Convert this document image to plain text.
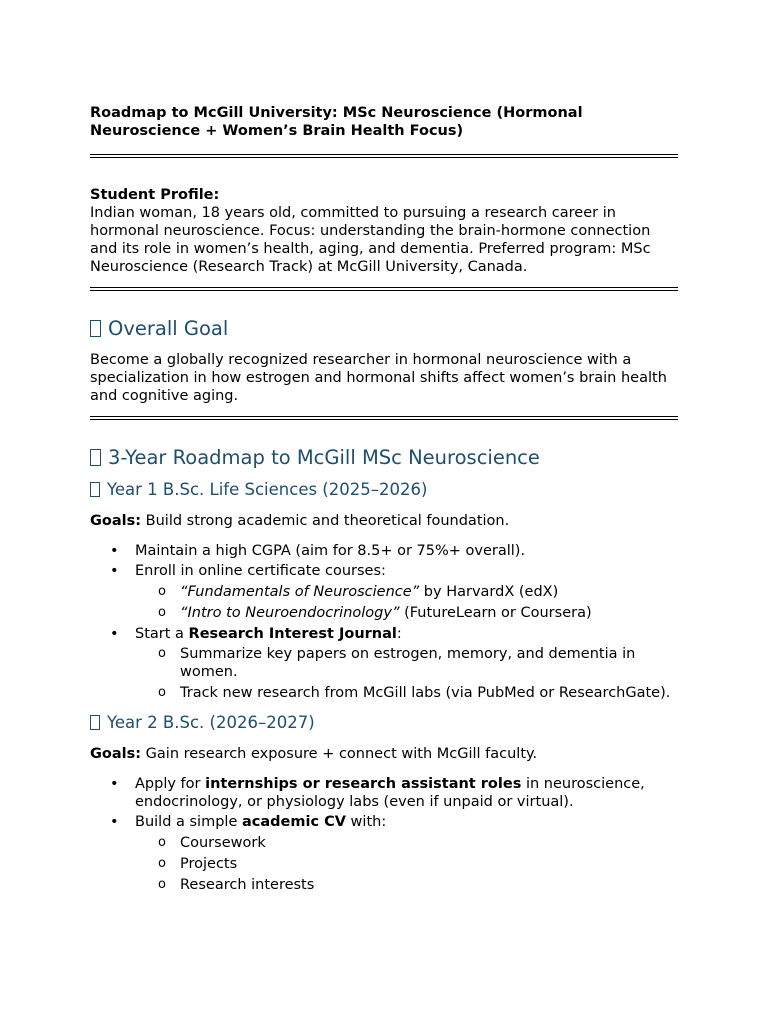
Roadmap to McGill University: MSc Neuroscience (Hormonal Neuroscience + Women’s Brain Health Focus)

Student Profile:

Indian woman, 18 years old, committed to pursuing a research career in hormonal neuroscience. Focus: understanding the brain-hormone connection and its role in women’s health, aging, and dementia. Preferred program: MSc Neuroscience (Research Track) at McGill University, Canada.

Overall Goal

Become a globally recognized researcher in hormonal neuroscience with a specialization in how estrogen and hormonal shifts affect women’s brain health and cognitive aging.

3-Year Roadmap to McGill MSc Neuroscience
Year 1 B.Sc. Life Sciences (2025–2026)

Goals: Build strong academic and theoretical foundation.

• Maintain a high CGPA (aim for 8.5+ or 75%+ overall).
• Enroll in online certificate courses:
o “Fundamentals of Neuroscience” by HarvardX (edX)
o “Intro to Neuroendocrinology” (FutureLearn or Coursera)
• Start a Research Interest Journal:
o Summarize key papers on estrogen, memory, and dementia in women.
o Track new research from McGill labs (via PubMed or ResearchGate).
Year 2 B.Sc. (2026–2027)

Goals: Gain research exposure + connect with McGill faculty.

• Apply for internships or research assistant roles in neuroscience, endocrinology, or physiology labs (even if unpaid or virtual).
• Build a simple academic CV with:
o Coursework
o Projects
o Research interests
